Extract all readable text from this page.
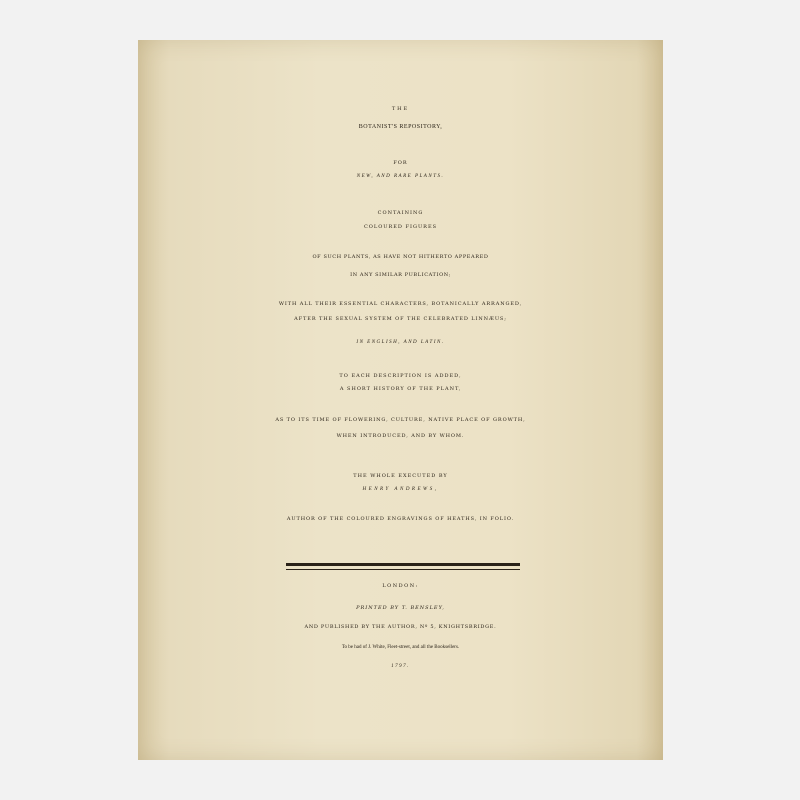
THE
BOTANIST'S REPOSITORY,
FOR
NEW, AND RARE PLANTS.
CONTAINING
COLOURED FIGURES
OF SUCH PLANTS, AS HAVE NOT HITHERTO APPEARED
IN ANY SIMILAR PUBLICATION;
WITH ALL THEIR ESSENTIAL CHARACTERS, BOTANICALLY ARRANGED,
AFTER THE SEXUAL SYSTEM OF THE CELEBRATED LINNÆUS;
IN ENGLISH, AND LATIN.
TO EACH DESCRIPTION IS ADDED,
A SHORT HISTORY OF THE PLANT,
AS TO ITS TIME OF FLOWERING, CULTURE, NATIVE PLACE OF GROWTH,
WHEN INTRODUCED, AND BY WHOM.
THE WHOLE EXECUTED BY
HENRY ANDREWS,
AUTHOR OF THE COLOURED ENGRAVINGS OF HEATHS, IN FOLIO.
LONDON:
PRINTED BY T. BENSLEY,
AND PUBLISHED BY THE AUTHOR, Nº 5, KNIGHTSBRIDGE.
To be had of J. White, Fleet-street, and all the Booksellers.
1797.
